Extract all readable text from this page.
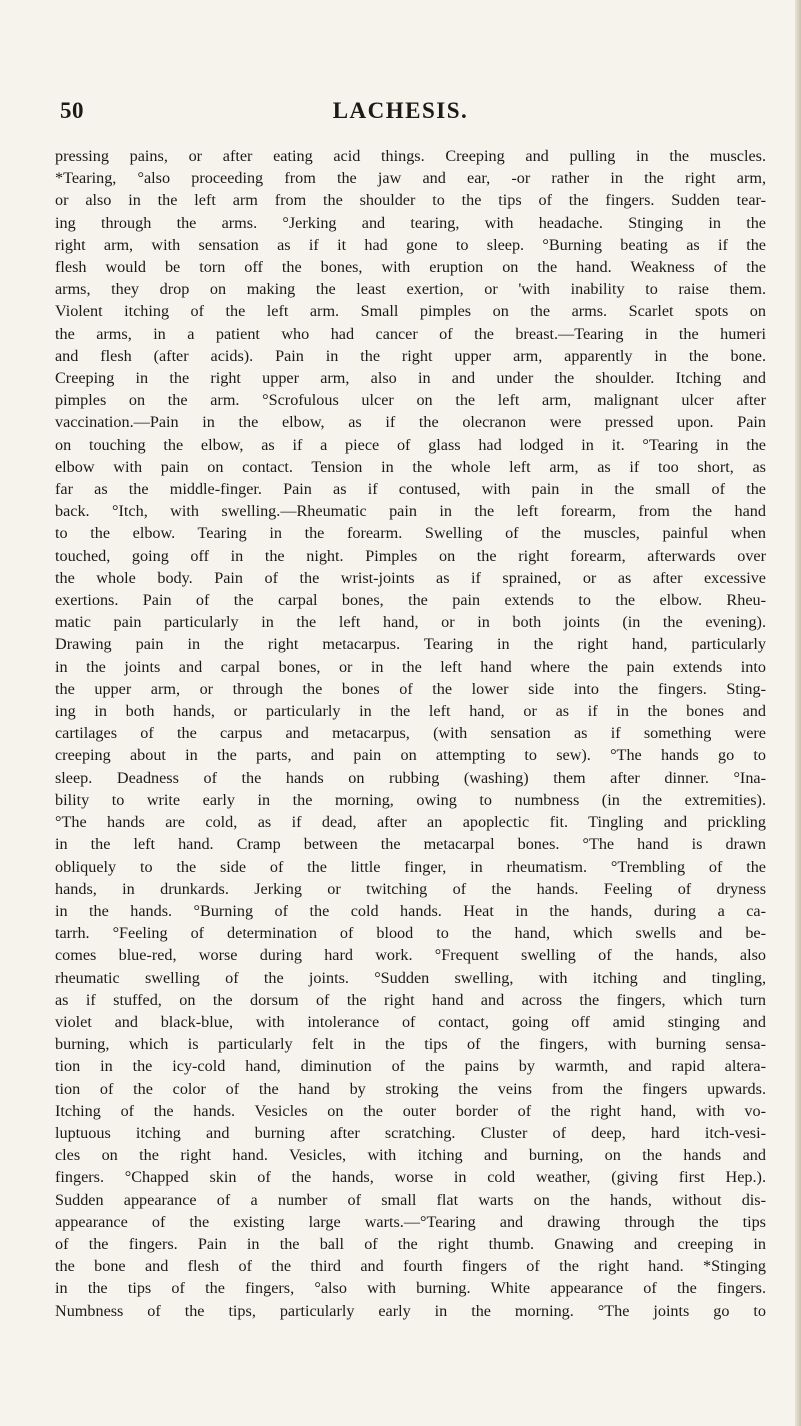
50	LACHESIS.
pressing pains, or after eating acid things. Creeping and pulling in the muscles.
*Tearing, °also proceeding from the jaw and ear, -or rather in the right arm,
or also in the left arm from the shoulder to the tips of the fingers. Sudden tear-
ing through the arms. °Jerking and tearing, with headache. Stinging in the
right arm, with sensation as if it had gone to sleep. °Burning beating as if the
flesh would be torn off the bones, with eruption on the hand. Weakness of the
arms, they drop on making the least exertion, or 'with inability to raise them.
Violent itching of the left arm. Small pimples on the arms. Scarlet spots on
the arms, in a patient who had cancer of the breast.—Tearing in the humeri
and flesh (after acids). Pain in the right upper arm, apparently in the bone.
Creeping in the right upper arm, also in and under the shoulder. Itching and
pimples on the arm. °Scrofulous ulcer on the left arm, malignant ulcer after
vaccination.—Pain in the elbow, as if the olecranon were pressed upon. Pain
on touching the elbow, as if a piece of glass had lodged in it. °Tearing in the
elbow with pain on contact. Tension in the whole left arm, as if too short, as
far as the middle-finger. Pain as if contused, with pain in the small of the
back. °Itch, with swelling.—Rheumatic pain in the left forearm, from the hand
to the elbow. Tearing in the forearm. Swelling of the muscles, painful when
touched, going off in the night. Pimples on the right forearm, afterwards over
the whole body. Pain of the wrist-joints as if sprained, or as after excessive
exertions. Pain of the carpal bones, the pain extends to the elbow. Rheu-
matic pain particularly in the left hand, or in both joints (in the evening).
Drawing pain in the right metacarpus. Tearing in the right hand, particularly
in the joints and carpal bones, or in the left hand where the pain extends into
the upper arm, or through the bones of the lower side into the fingers. Sting-
ing in both hands, or particularly in the left hand, or as if in the bones and
cartilages of the carpus and metacarpus, (with sensation as if something were
creeping about in the parts, and pain on attempting to sew). °The hands go to
sleep. Deadness of the hands on rubbing (washing) them after dinner. °Ina-
bility to write early in the morning, owing to numbness (in the extremities).
°The hands are cold, as if dead, after an apoplectic fit. Tingling and prickling
in the left hand. Cramp between the metacarpal bones. °The hand is drawn
obliquely to the side of the little finger, in rheumatism. °Trembling of the
hands, in drunkards. Jerking or twitching of the hands. Feeling of dryness
in the hands. °Burning of the cold hands. Heat in the hands, during a ca-
tarrh. °Feeling of determination of blood to the hand, which swells and be-
comes blue-red, worse during hard work. °Frequent swelling of the hands, also
rheumatic swelling of the joints. °Sudden swelling, with itching and tingling,
as if stuffed, on the dorsum of the right hand and across the fingers, which turn
violet and black-blue, with intolerance of contact, going off amid stinging and
burning, which is particularly felt in the tips of the fingers, with burning sensa-
tion in the icy-cold hand, diminution of the pains by warmth, and rapid altera-
tion of the color of the hand by stroking the veins from the fingers upwards.
Itching of the hands. Vesicles on the outer border of the right hand, with vo-
luptuous itching and burning after scratching. Cluster of deep, hard itch-vesi-
cles on the right hand. Vesicles, with itching and burning, on the hands and
fingers. °Chapped skin of the hands, worse in cold weather, (giving first Hep.).
Sudden appearance of a number of small flat warts on the hands, without dis-
appearance of the existing large warts.—°Tearing and drawing through the tips
of the fingers. Pain in the ball of the right thumb. Gnawing and creeping in
the bone and flesh of the third and fourth fingers of the right hand. *Stinging
in the tips of the fingers, °also with burning. White appearance of the fingers.
Numbness of the tips, particularly early in the morning. °The joints go to
